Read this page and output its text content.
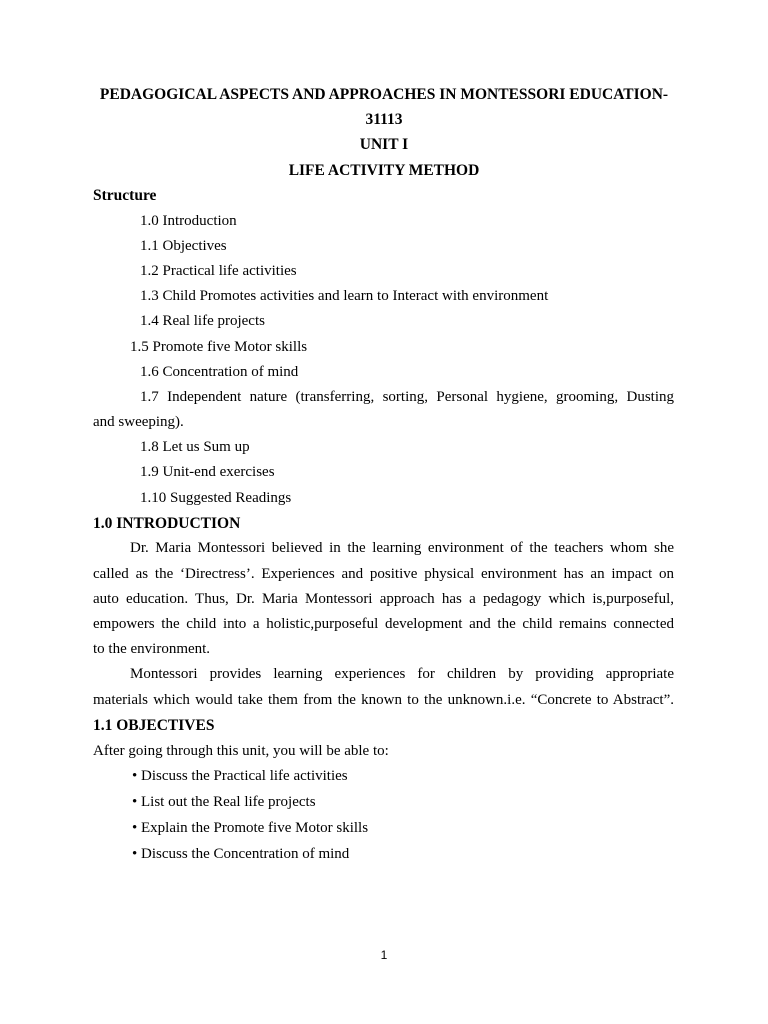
PEDAGOGICAL ASPECTS AND APPROACHES IN MONTESSORI EDUCATION-
31113
UNIT I
LIFE ACTIVITY METHOD
Structure
1.0 Introduction
1.1 Objectives
1.2 Practical life activities
1.3 Child Promotes activities and learn to Interact with environment
1.4 Real life projects
1.5 Promote five Motor skills
1.6 Concentration of mind
1.7 Independent nature (transferring, sorting, Personal hygiene, grooming, Dusting
and sweeping).
1.8 Let us Sum up
1.9 Unit-end exercises
1.10 Suggested Readings
1.0 INTRODUCTION
Dr. Maria Montessori believed in the learning environment of the teachers whom she
called as the ‘Directress’. Experiences and positive physical environment has an impact on
auto education. Thus, Dr. Maria Montessori approach has a pedagogy which is,purposeful,
empowers the child into a holistic,purposeful development and the child remains connected
to the environment.
Montessori provides learning experiences for children by providing appropriate
materials which would take them from the known to the unknown.i.e. “Concrete to Abstract”.
1.1 OBJECTIVES
After going through this unit, you will be able to:
• Discuss the Practical life activities
• List out the Real life projects
• Explain the Promote five Motor skills
• Discuss the Concentration of mind
1
